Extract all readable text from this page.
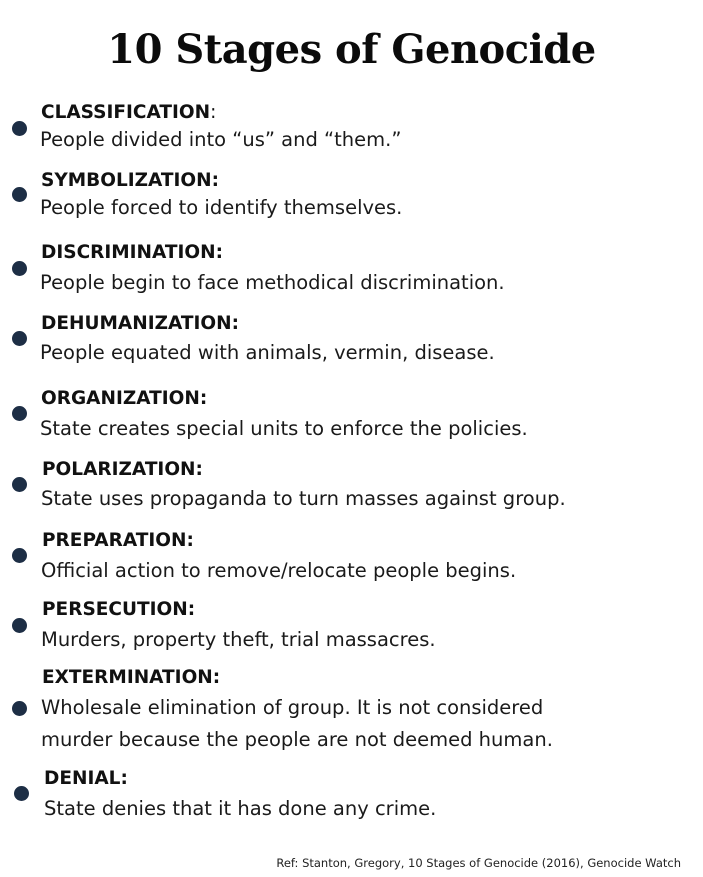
10 Stages of Genocide
CLASSIFICATION:
People divided into “us” and “them.”
SYMBOLIZATION:
People forced to identify themselves.
DISCRIMINATION:
People begin to face methodical discrimination.
DEHUMANIZATION:
People equated with animals, vermin, disease.
ORGANIZATION:
State creates special units to enforce the policies.
POLARIZATION:
State uses propaganda to turn masses against group.
PREPARATION:
Official action to remove/relocate people begins.
PERSECUTION:
Murders, property theft, trial massacres.
EXTERMINATION:
Wholesale elimination of group. It is not considered
murder because the people are not deemed human.
DENIAL:
State denies that it has done any crime.
Ref: Stanton, Gregory, 10 Stages of Genocide (2016), Genocide Watch
